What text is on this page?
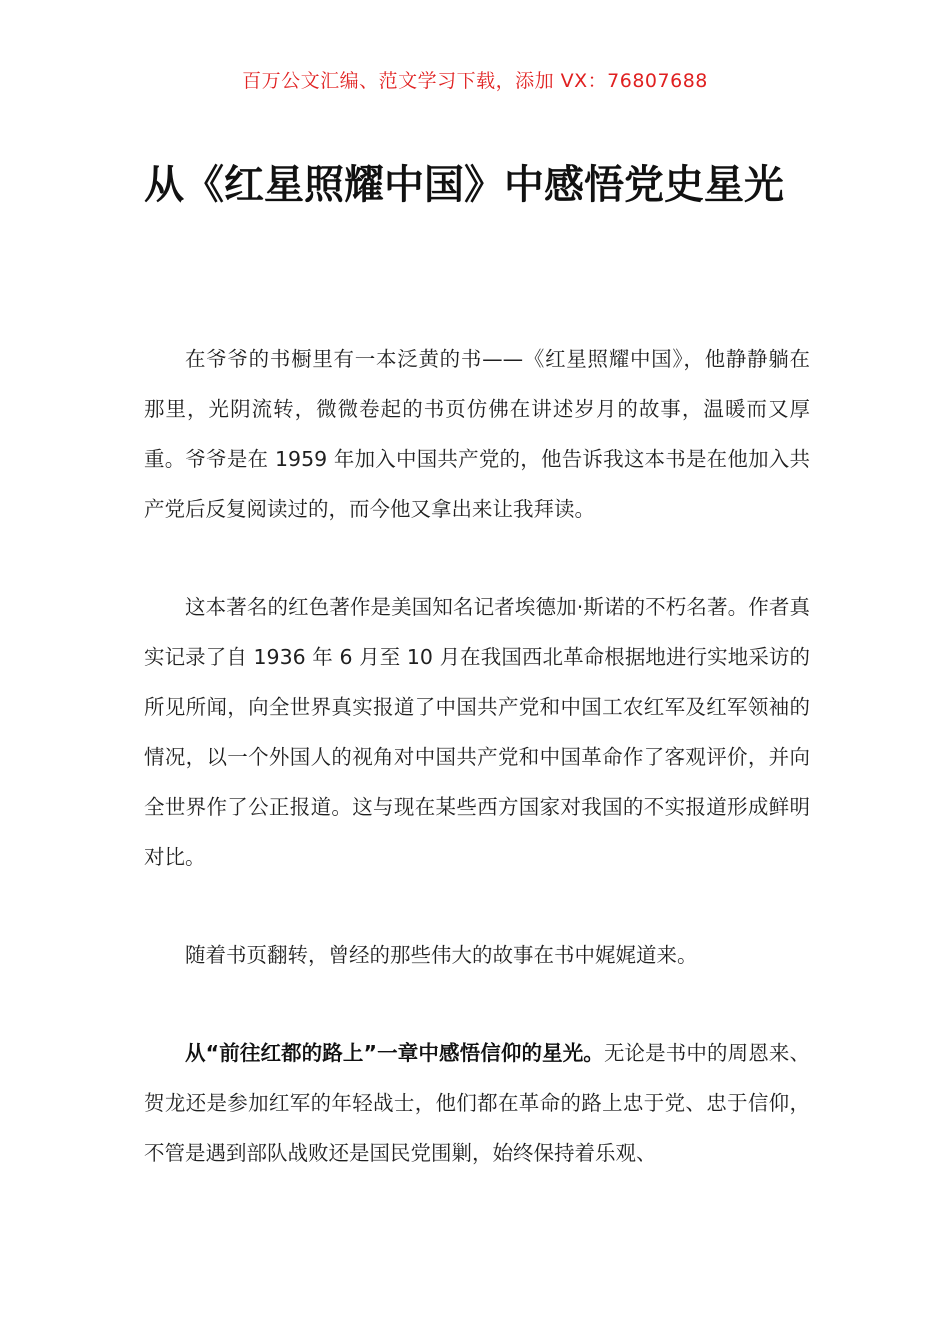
百万公文汇编、范文学习下载，添加 VX：76807688
从《红星照耀中国》中感悟党史星光

在爷爷的书橱里有一本泛黄的书——《红星照耀中国》，他静静躺在那里，光阴流转，微微卷起的书页仿佛在讲述岁月的故事，温暖而又厚重。爷爷是在 1959 年加入中国共产党的，他告诉我这本书是在他加入共产党后反复阅读过的，而今他又拿出来让我拜读。

这本著名的红色著作是美国知名记者埃德加·斯诺的不朽名著。作者真实记录了自 1936 年 6 月至 10 月在我国西北革命根据地进行实地采访的所见所闻，向全世界真实报道了中国共产党和中国工农红军及红军领袖的情况，以一个外国人的视角对中国共产党和中国革命作了客观评价，并向全世界作了公正报道。这与现在某些西方国家对我国的不实报道形成鲜明对比。

随着书页翻转，曾经的那些伟大的故事在书中娓娓道来。

从“前往红都的路上”一章中感悟信仰的星光。无论是书中的周恩来、贺龙还是参加红军的年轻战士，他们都在革命的路上忠于党、忠于信仰，不管是遇到部队战败还是国民党围剿，始终保持着乐观、
